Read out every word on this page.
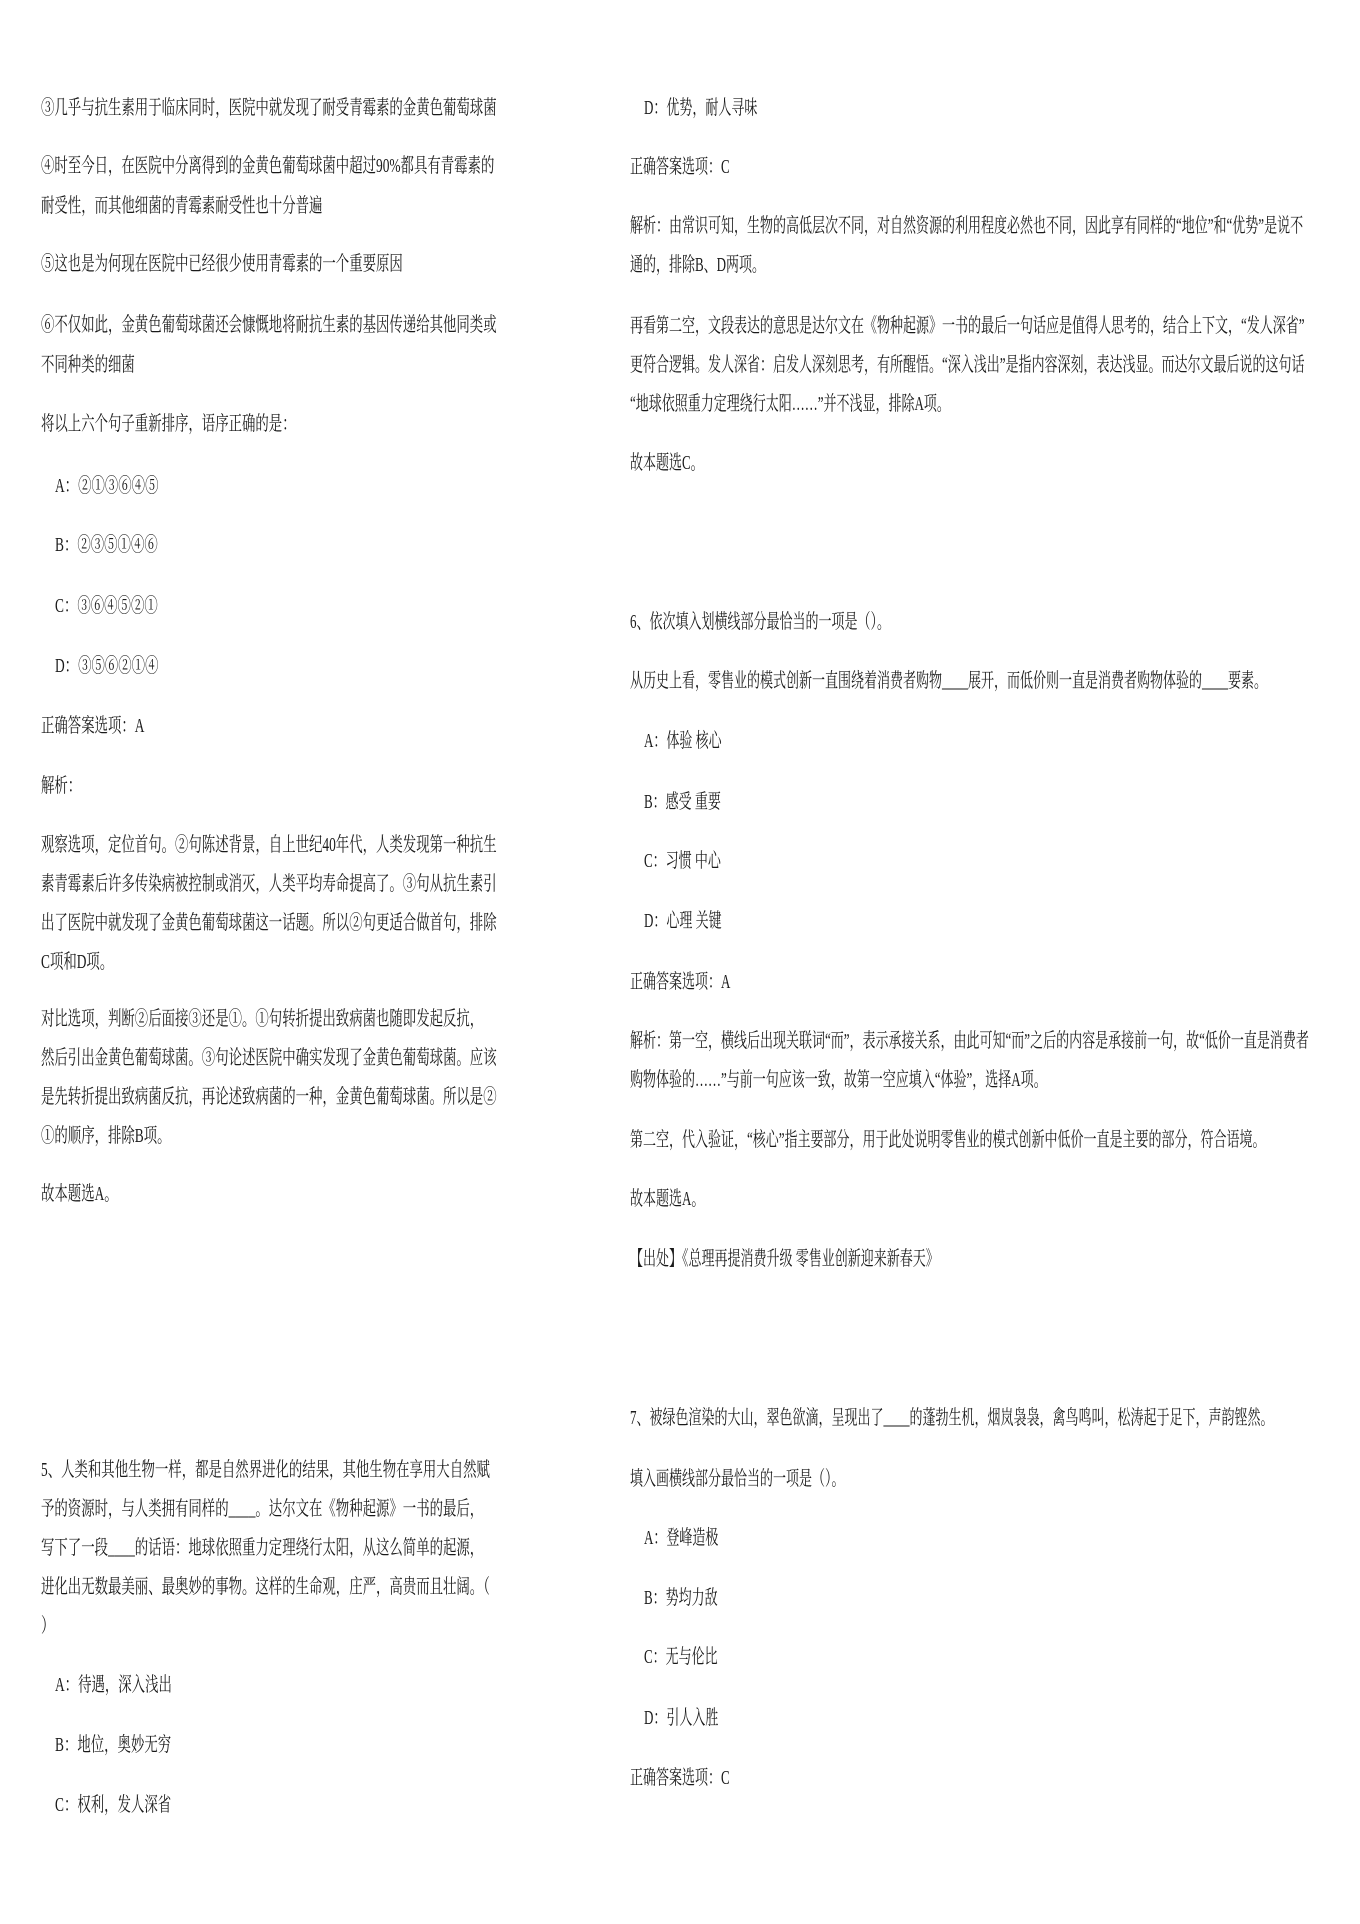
③几乎与抗生素用于临床同时，医院中就发现了耐受青霉素的金黄色葡萄球菌
④时至今日，在医院中分离得到的金黄色葡萄球菌中超过90%都具有青霉素的
耐受性，而其他细菌的青霉素耐受性也十分普遍
⑤这也是为何现在医院中已经很少使用青霉素的一个重要原因
⑥不仅如此，金黄色葡萄球菌还会慷慨地将耐抗生素的基因传递给其他同类或
不同种类的细菌
将以上六个句子重新排序，语序正确的是：
A：②①③⑥④⑤
B：②③⑤①④⑥
C：③⑥④⑤②①
D：③⑤⑥②①④
正确答案选项：A
解析：
观察选项，定位首句。②句陈述背景，自上世纪40年代，人类发现第一种抗生
素青霉素后许多传染病被控制或消灭，人类平均寿命提高了。③句从抗生素引
出了医院中就发现了金黄色葡萄球菌这一话题。所以②句更适合做首句，排除
C项和D项。
对比选项，判断②后面接③还是①。①句转折提出致病菌也随即发起反抗，
然后引出金黄色葡萄球菌。③句论述医院中确实发现了金黄色葡萄球菌。应该
是先转折提出致病菌反抗，再论述致病菌的一种，金黄色葡萄球菌。所以是②
①的顺序，排除B项。
故本题选A。
5、人类和其他生物一样，都是自然界进化的结果，其他生物在享用大自然赋
予的资源时，与人类拥有同样的____。达尔文在《物种起源》一书的最后，
写下了一段____的话语：地球依照重力定理绕行太阳，从这么简单的起源，
进化出无数最美丽、最奥妙的事物。这样的生命观，庄严，高贵而且壮阔。（
）
A：待遇，深入浅出
B：地位，奥妙无穷
C：权利，发人深省
D：优势，耐人寻味
正确答案选项：C
解析：由常识可知，生物的高低层次不同，对自然资源的利用程度必然也不同，因此享有同样的“地位”和“优势”是说不
通的，排除B、D两项。
再看第二空，文段表达的意思是达尔文在《物种起源》一书的最后一句话应是值得人思考的，结合上下文，“发人深省”
更符合逻辑。发人深省：启发人深刻思考，有所醒悟。“深入浅出”是指内容深刻，表达浅显。而达尔文最后说的这句话
“地球依照重力定理绕行太阳……”并不浅显，排除A项。
故本题选C。
6、依次填入划横线部分最恰当的一项是（）。
从历史上看，零售业的模式创新一直围绕着消费者购物____展开，而低价则一直是消费者购物体验的____要素。
A：体验 核心
B：感受 重要
C：习惯 中心
D：心理 关键
正确答案选项：A
解析：第一空，横线后出现关联词“而”，表示承接关系，由此可知“而”之后的内容是承接前一句，故“低价一直是消费者
购物体验的……”与前一句应该一致，故第一空应填入“体验”，选择A项。
第二空，代入验证，“核心”指主要部分，用于此处说明零售业的模式创新中低价一直是主要的部分，符合语境。
故本题选A。
【出处】《总理再提消费升级 零售业创新迎来新春天》
7、被绿色渲染的大山，翠色欲滴，呈现出了____的蓬勃生机，烟岚袅袅，禽鸟鸣叫，松涛起于足下，声韵铿然。
填入画横线部分最恰当的一项是（）。
A：登峰造极
B：势均力敌
C：无与伦比
D：引人入胜
正确答案选项：C
